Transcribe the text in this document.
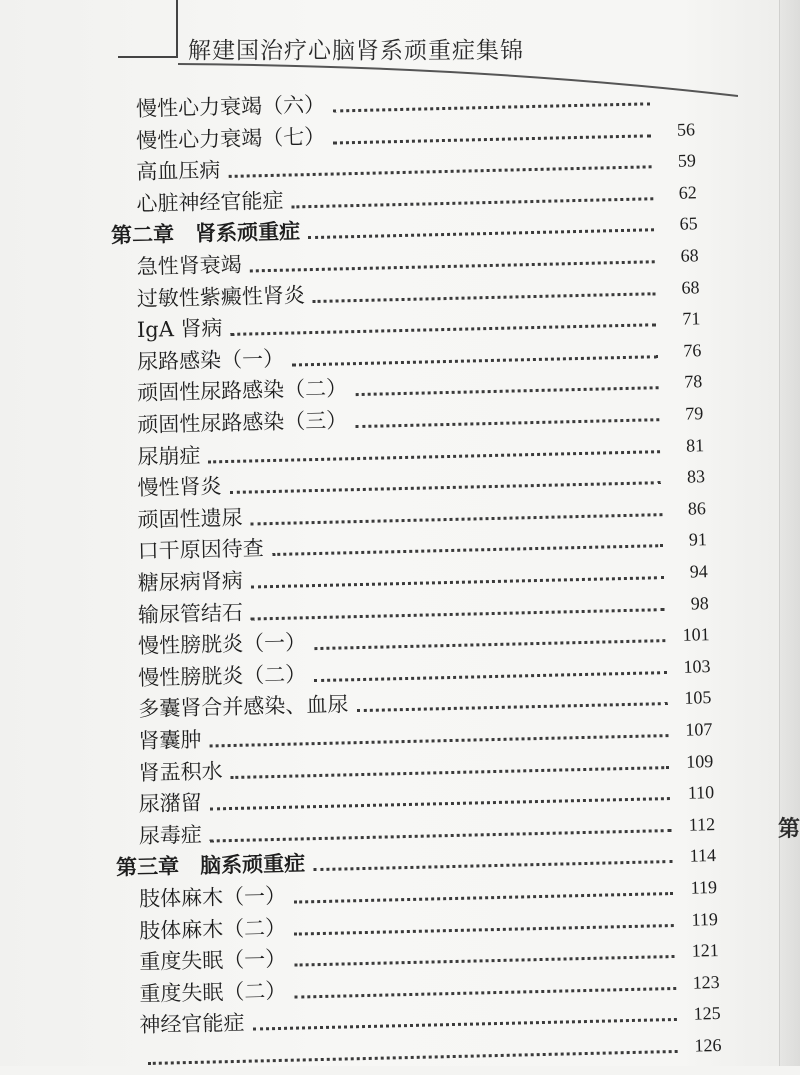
第
解建国治疗心脑肾系顽重症集锦
慢性心力衰竭（六）
慢性心力衰竭（七）	56
高血压病	59
心脏神经官能症	62
第二章　肾系顽重症	65
急性肾衰竭	68
过敏性紫癜性肾炎	68
IgA 肾病	71
尿路感染（一）	76
顽固性尿路感染（二）	78
顽固性尿路感染（三）	79
尿崩症	81
慢性肾炎	83
顽固性遗尿	86
口干原因待查	91
糖尿病肾病	94
输尿管结石	98
慢性膀胱炎（一）	101
慢性膀胱炎（二）	103
多囊肾合并感染、血尿	105
肾囊肿	107
肾盂积水	109
尿潴留	110
尿毒症	112
第三章　脑系顽重症	114
肢体麻木（一）	119
肢体麻木（二）	119
重度失眠（一）	121
重度失眠（二）	123
神经官能症	125
126
